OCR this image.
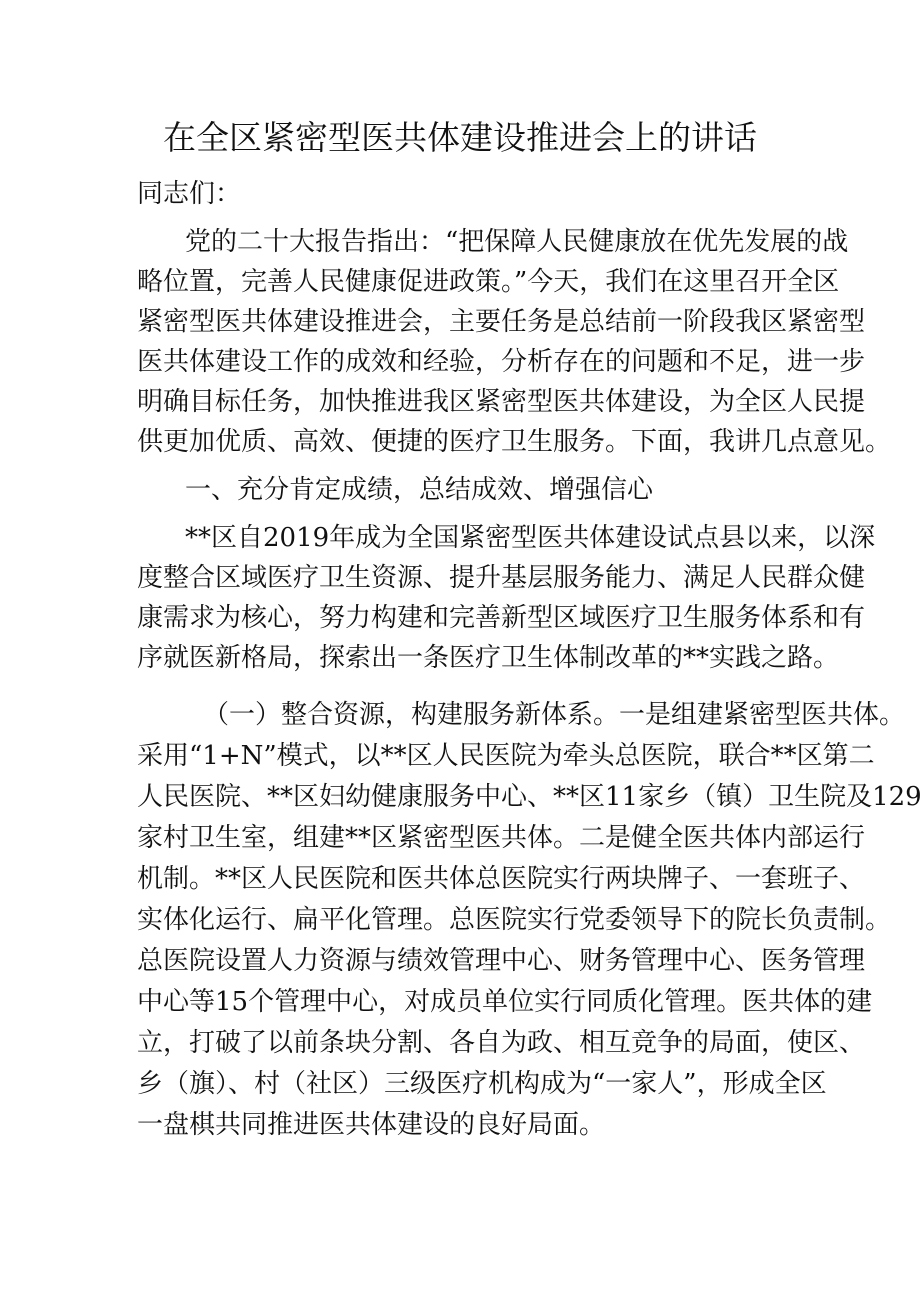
在全区紧密型医共体建设推进会上的讲话
同志们：
党的二十大报告指出：“把保障人民健康放在优先发展的战
略位置，完善人民健康促进政策。”今天，我们在这里召开全区
紧密型医共体建设推进会，主要任务是总结前一阶段我区紧密型
医共体建设工作的成效和经验，分析存在的问题和不足，进一步
明确目标任务，加快推进我区紧密型医共体建设，为全区人民提
供更加优质、高效、便捷的医疗卫生服务。下面，我讲几点意见。
一、充分肯定成绩，总结成效、增强信心
**区自2019年成为全国紧密型医共体建设试点县以来，以深
度整合区域医疗卫生资源、提升基层服务能力、满足人民群众健
康需求为核心，努力构建和完善新型区域医疗卫生服务体系和有
序就医新格局，探索出一条医疗卫生体制改革的**实践之路。
（一）整合资源，构建服务新体系。一是组建紧密型医共体。
采用“1+N”模式，以**区人民医院为牵头总医院，联合**区第二
人民医院、**区妇幼健康服务中心、**区11家乡（镇）卫生院及129
家村卫生室，组建**区紧密型医共体。二是健全医共体内部运行
机制。**区人民医院和医共体总医院实行两块牌子、一套班子、
实体化运行、扁平化管理。总医院实行党委领导下的院长负责制。
总医院设置人力资源与绩效管理中心、财务管理中心、医务管理
中心等15个管理中心，对成员单位实行同质化管理。医共体的建
立，打破了以前条块分割、各自为政、相互竞争的局面，使区、
乡（旗）、村（社区）三级医疗机构成为“一家人”，形成全区
一盘棋共同推进医共体建设的良好局面。
